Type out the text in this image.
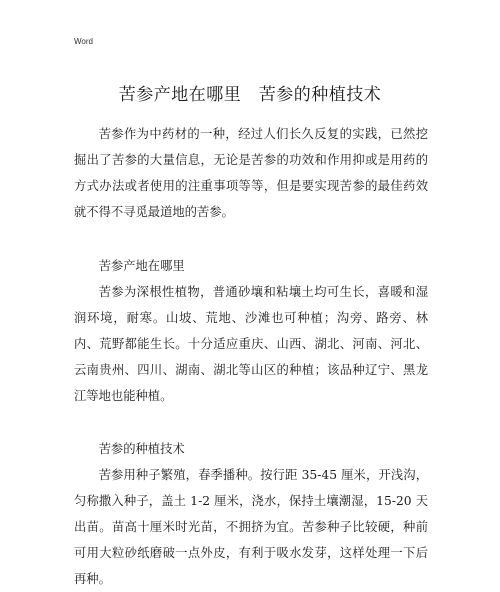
Word
苦参产地在哪里　苦参的种植技术
苦参作为中药材的一种，经过人们长久反复的实践，已然挖掘出了苦参的大量信息，无论是苦参的功效和作用抑或是用药的方式办法或者使用的注重事项等等，但是要实现苦参的最佳药效就不得不寻觅最道地的苦参。
苦参产地在哪里
苦参为深根性植物，普通砂壤和粘壤土均可生长，喜暖和湿润环境，耐寒。山坡、荒地、沙滩也可种植；沟旁、路旁、林内、荒野都能生长。十分适应重庆、山西、湖北、河南、河北、云南贵州、四川、湖南、湖北等山区的种植；该品种辽宁、黑龙江等地也能种植。
苦参的种植技术
苦参用种子繁殖，春季播种。按行距 35-45 厘米，开浅沟，匀称撒入种子，盖土 1-2 厘米，浇水，保持土壤潮湿，15-20 天出苗。苗高十厘米时光苗，不拥挤为宜。苦参种子比较硬，种前可用大粒砂纸磨破一点外皮，有利于吸水发芽，这样处理一下后再种。
